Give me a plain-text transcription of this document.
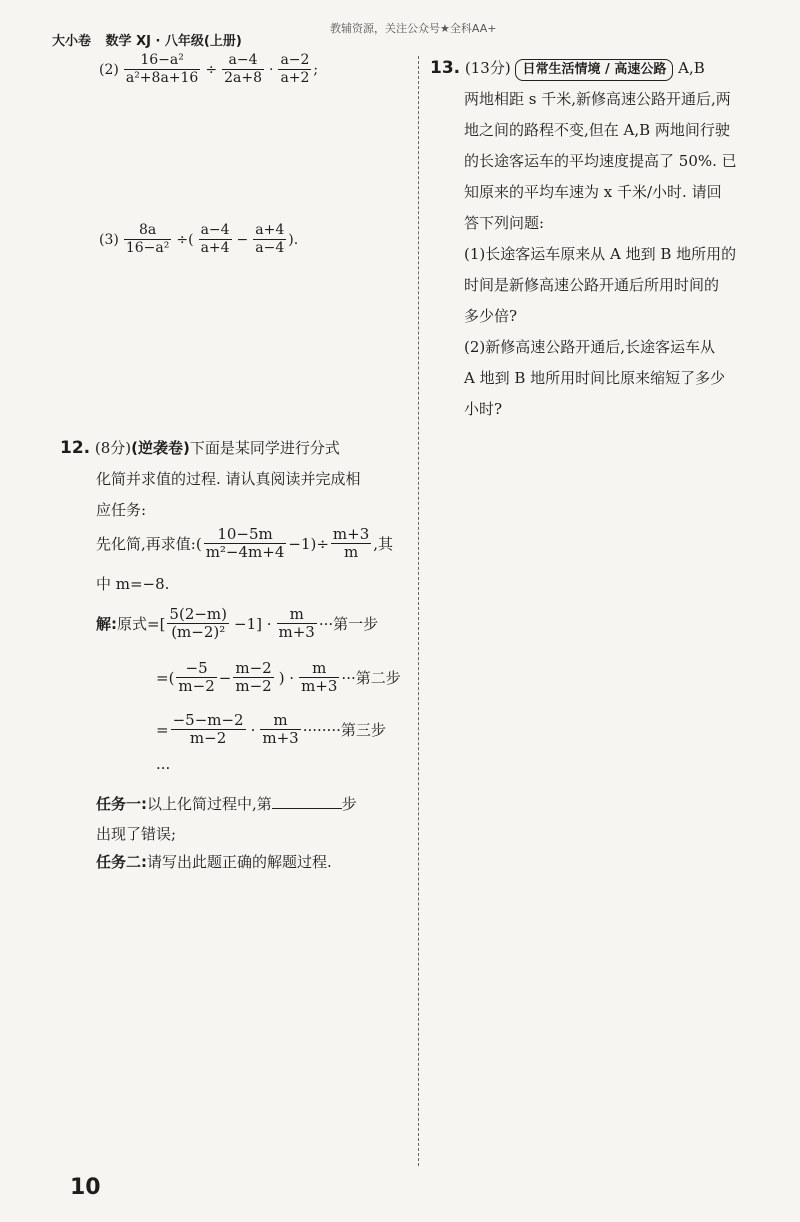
大小卷 数学 XJ · 八年级(上册)
教辅资源，关注公众号★全科AA+
$(2) \frac{\text{16−a²}}{\text{a²+8a+16}} \div \frac{a-4}{2a+8} \cdot \frac{a-2}{a+2}$ ;
$(3) \frac{8a}{\text{16−a²}}$ ÷( $\frac{a-4}{a+4} - \frac{a+4}{a-4}$ ).
12. (8分)(逆袭卷)下面是某同学进行分式
化简并求值的过程. 请认真阅读并完成相
应任务:
先化简,再求值:( $\frac{10-5m}{\text{m²−4m+4}} -1)\div \frac{m+3}{m}$ ,其
中 m=−8.
解: 原式=[ $\frac{5(2-m)}{\text{(m−2)²}} -1] \cdot \frac{m}{m+3}$ ···第一步
=( $\frac{-5}{m-2} - \frac{m-2}{m-2}$ ) · $\frac{m}{m+3}$ ···第二步
= $\frac{-5-m-2}{m-2} \cdot \frac{m}{m+3}$ ········第三步
···
任务一:以上化简过程中,第	步
出现了错误;
任务二:请写出此题正确的解题过程.
13. (13分) 日常生活情境 / 高速公路 A,B
两地相距 s 千米,新修高速公路开通后,两
地之间的路程不变,但在 A,B 两地间行驶
的长途客运车的平均速度提高了 50%. 已
知原来的平均车速为 x 千米/小时. 请回
答下列问题:
(1)长途客运车原来从 A 地到 B 地所用的
时间是新修高速公路开通后所用时间的
多少倍?
(2)新修高速公路开通后,长途客运车从
A 地到 B 地所用时间比原来缩短了多少
小时?
10
